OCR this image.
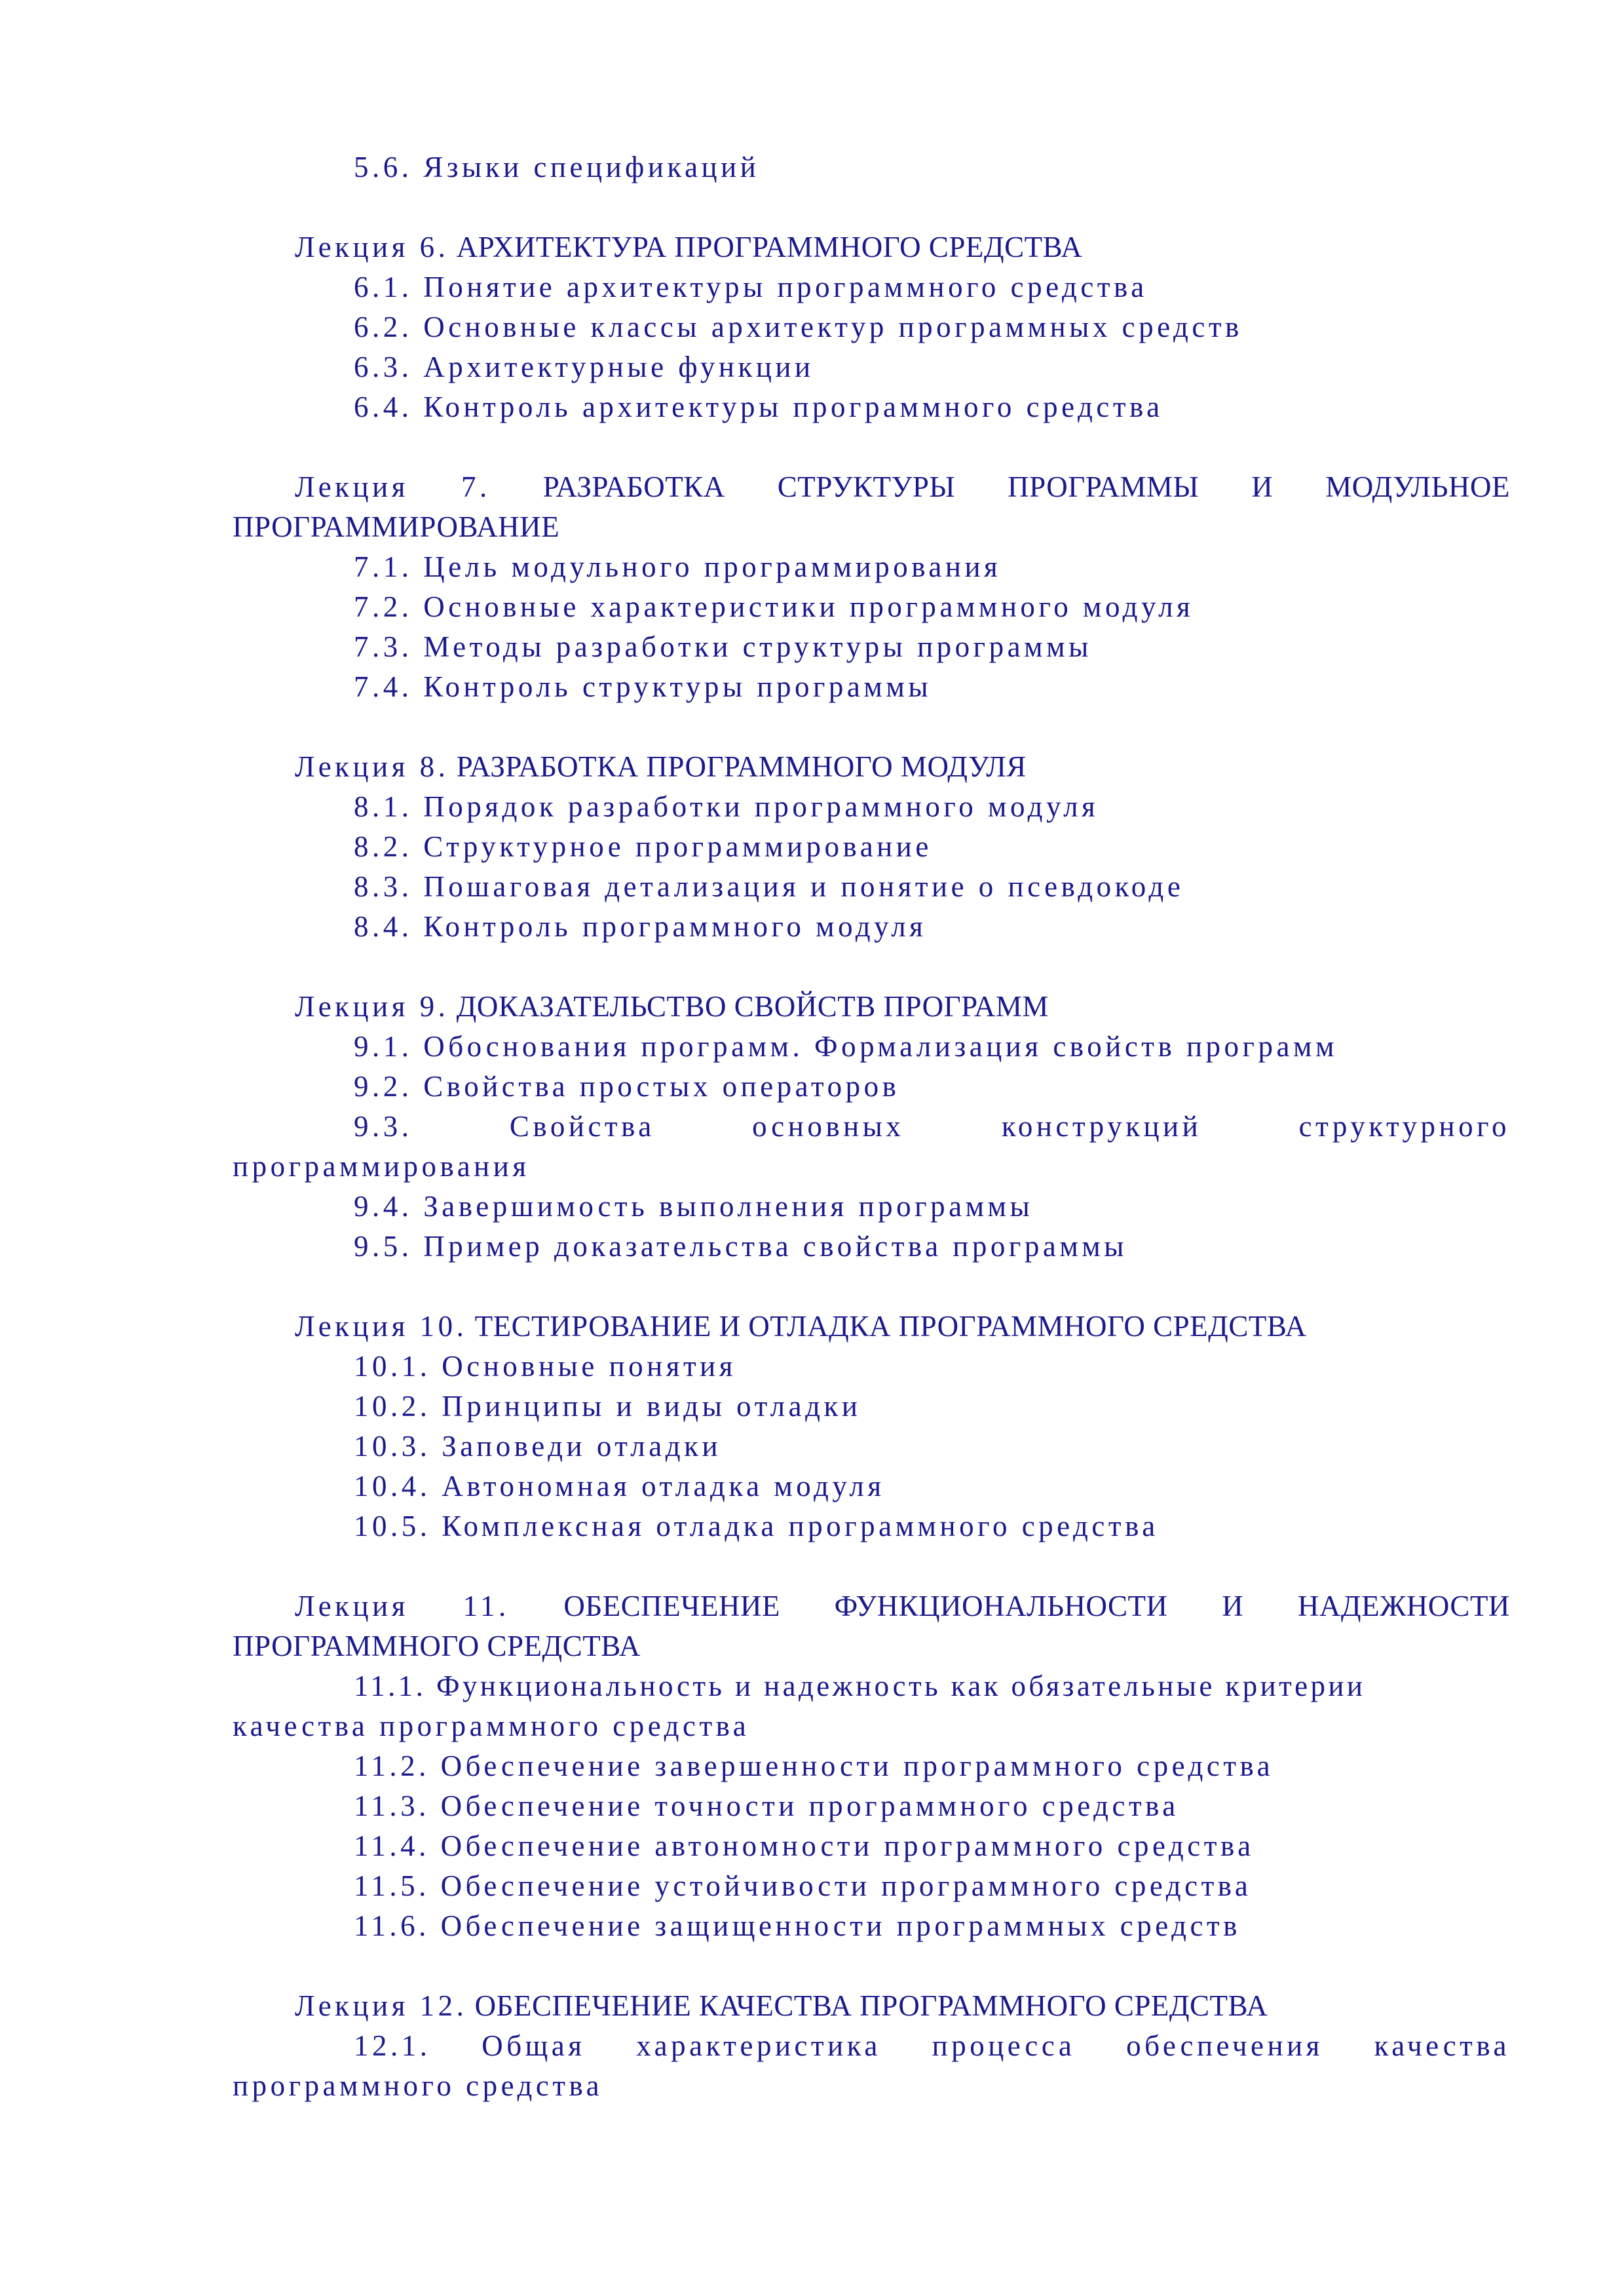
5.6. Языки спецификаций
Лекция 6. АРХИТЕКТУРА ПРОГРАММНОГО СРЕДСТВА
6.1. Понятие архитектуры программного средства
6.2. Основные классы архитектур программных средств
6.3. Архитектурные функции
6.4. Контроль архитектуры программного средства
Лекция 7. РАЗРАБОТКА СТРУКТУРЫ ПРОГРАММЫ И МОДУЛЬНОЕ
ПРОГРАММИРОВАНИЕ
7.1. Цель модульного программирования
7.2. Основные характеристики программного модуля
7.3. Методы разработки структуры программы
7.4. Контроль структуры программы
Лекция 8. РАЗРАБОТКА ПРОГРАММНОГО МОДУЛЯ
8.1. Порядок разработки программного модуля
8.2. Структурное программирование
8.3. Пошаговая детализация и понятие о псевдокоде
8.4. Контроль программного модуля
Лекция 9. ДОКАЗАТЕЛЬСТВО СВОЙСТВ ПРОГРАММ
9.1. Обоснования программ. Формализация свойств программ
9.2. Свойства простых операторов
9.3.	Свойства	основных	конструкций	структурного
программирования
9.4. Завершимость выполнения программы
9.5. Пример доказательства свойства программы
Лекция 10. ТЕСТИРОВАНИЕ И ОТЛАДКА ПРОГРАММНОГО СРЕДСТВА
10.1. Основные понятия
10.2. Принципы и виды отладки
10.3. Заповеди отладки
10.4. Автономная отладка модуля
10.5. Комплексная отладка программного средства
Лекция 11. ОБЕСПЕЧЕНИЕ ФУНКЦИОНАЛЬНОСТИ И НАДЕЖНОСТИ
ПРОГРАММНОГО СРЕДСТВА
11.1. Функциональность и надежность как обязательные критерии
качества программного средства
11.2. Обеспечение завершенности программного средства
11.3. Обеспечение точности программного средства
11.4. Обеспечение автономности программного средства
11.5. Обеспечение устойчивости программного средства
11.6. Обеспечение защищенности программных средств
Лекция 12. ОБЕСПЕЧЕНИЕ КАЧЕСТВА ПРОГРАММНОГО СРЕДСТВА
12.1. Общая характеристика процесса обеспечения качества
программного средства
